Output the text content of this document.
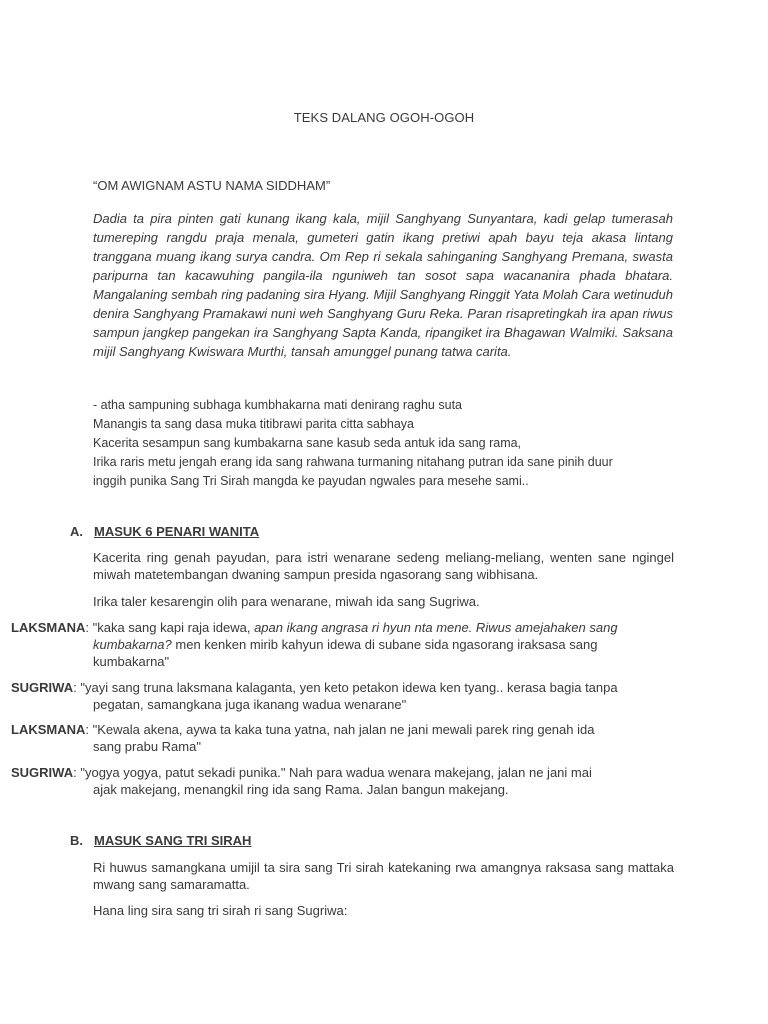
TEKS DALANG OGOH-OGOH
“OM AWIGNAM ASTU NAMA SIDDHAM”

Dadia ta pira pinten gati kunang ikang kala, mijil Sanghyang Sunyantara, kadi gelap tumerasah tumereping rangdu praja menala, gumeteri gatin ikang pretiwi apah bayu teja akasa lintang tranggana muang ikang surya candra. Om Rep ri sekala sahinganing Sanghyang Premana, swasta paripurna tan kacawuhing pangila-ila nguniweh tan sosot sapa wacananira phada bhatara. Mangalaning sembah ring padaning sira Hyang. Mijil Sanghyang Ringgit Yata Molah Cara wetinuduh denira Sanghyang Pramakawi nuni weh Sanghyang Guru Reka. Paran risapretingkah ira apan riwus sampun jangkep pangekan ira Sanghyang Sapta Kanda, ripangiket ira Bhagawan Walmiki. Saksana mijil Sanghyang Kwiswara Murthi, tansah amunggel punang tatwa carita.

- atha sampuning subhaga kumbhakarna mati denirang raghu suta
Manangis ta sang dasa muka titibrawi parita citta sabhaya
Kacerita sesampun sang kumbakarna sane kasub seda antuk ida sang rama,
Irika raris metu jengah erang ida sang rahwana turmaning nitahang putran ida sane pinih duur
inggih punika Sang Tri Sirah mangda ke payudan ngwales para mesehe sami..
A. MASUK 6 PENARI WANITA

Kacerita ring genah payudan, para istri wenarane sedeng meliang-meliang, wenten sane ngingel miwah matetembangan dwaning sampun presida ngasorang sang wibhisana.

Irika taler kesarengin olih para wenarane, miwah ida sang Sugriwa.

LAKSMANA: "kaka sang kapi raja idewa, apan ikang angrasa ri hyun nta mene. Riwus amejahaken sang
kumbakarna? men kenken mirib kahyun idewa di subane sida ngasorang iraksasa sang
kumbakarna"
SUGRIWA: "yayi sang truna laksmana kalaganta, yen keto petakon idewa ken tyang.. kerasa bagia tanpa
pegatan, samangkana juga ikanang wadua wenarane"
LAKSMANA: "Kewala akena, aywa ta kaka tuna yatna, nah jalan ne jani mewali parek ring genah ida
sang prabu Rama"
SUGRIWA: "yogya yogya, patut sekadi punika." Nah para wadua wenara makejang, jalan ne jani mai
ajak makejang, menangkil ring ida sang Rama. Jalan bangun makejang.
B. MASUK SANG TRI SIRAH

Ri huwus samangkana umijil ta sira sang Tri sirah katekaning rwa amangnya raksasa sang mattaka mwang sang samaramatta.

Hana ling sira sang tri sirah ri sang Sugriwa:
